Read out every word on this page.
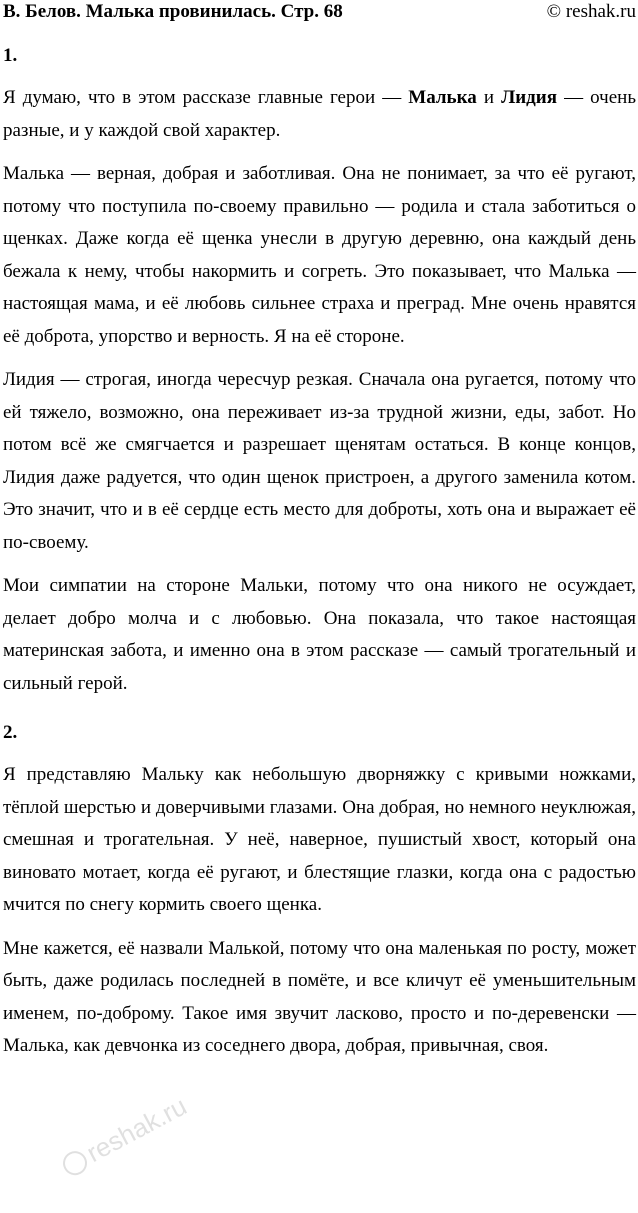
В. Белов. Малька провинилась. Стр. 68	© reshak.ru
1.

Я думаю, что в этом рассказе главные герои — Малька и Лидия — очень разные, и у каждой свой характер.

Малька — верная, добрая и заботливая. Она не понимает, за что её ругают, потому что поступила по-своему правильно — родила и стала заботиться о щенках. Даже когда её щенка унесли в другую деревню, она каждый день бежала к нему, чтобы накормить и согреть. Это показывает, что Малька — настоящая мама, и её любовь сильнее страха и преград. Мне очень нравятся её доброта, упорство и верность. Я на её стороне.

Лидия — строгая, иногда чересчур резкая. Сначала она ругается, потому что ей тяжело, возможно, она переживает из-за трудной жизни, еды, забот. Но потом всё же смягчается и разрешает щенятам остаться. В конце концов, Лидия даже радуется, что один щенок пристроен, а другого заменила котом. Это значит, что и в её сердце есть место для доброты, хоть она и выражает её по-своему.

Мои симпатии на стороне Мальки, потому что она никого не осуждает, делает добро молча и с любовью. Она показала, что такое настоящая материнская забота, и именно она в этом рассказе — самый трогательный и сильный герой.

2.

Я представляю Мальку как небольшую дворняжку с кривыми ножками, тёплой шерстью и доверчивыми глазами. Она добрая, но немного неуклюжая, смешная и трогательная. У неё, наверное, пушистый хвост, который она виновато мотает, когда её ругают, и блестящие глазки, когда она с радостью мчится по снегу кормить своего щенка.

Мне кажется, её назвали Малькой, потому что она маленькая по росту, может быть, даже родилась последней в помёте, и все кличут её уменьшительным именем, по-доброму. Такое имя звучит ласково, просто и по-деревенски — Малька, как девчонка из соседнего двора, добрая, привычная, своя.

reshak.ru
